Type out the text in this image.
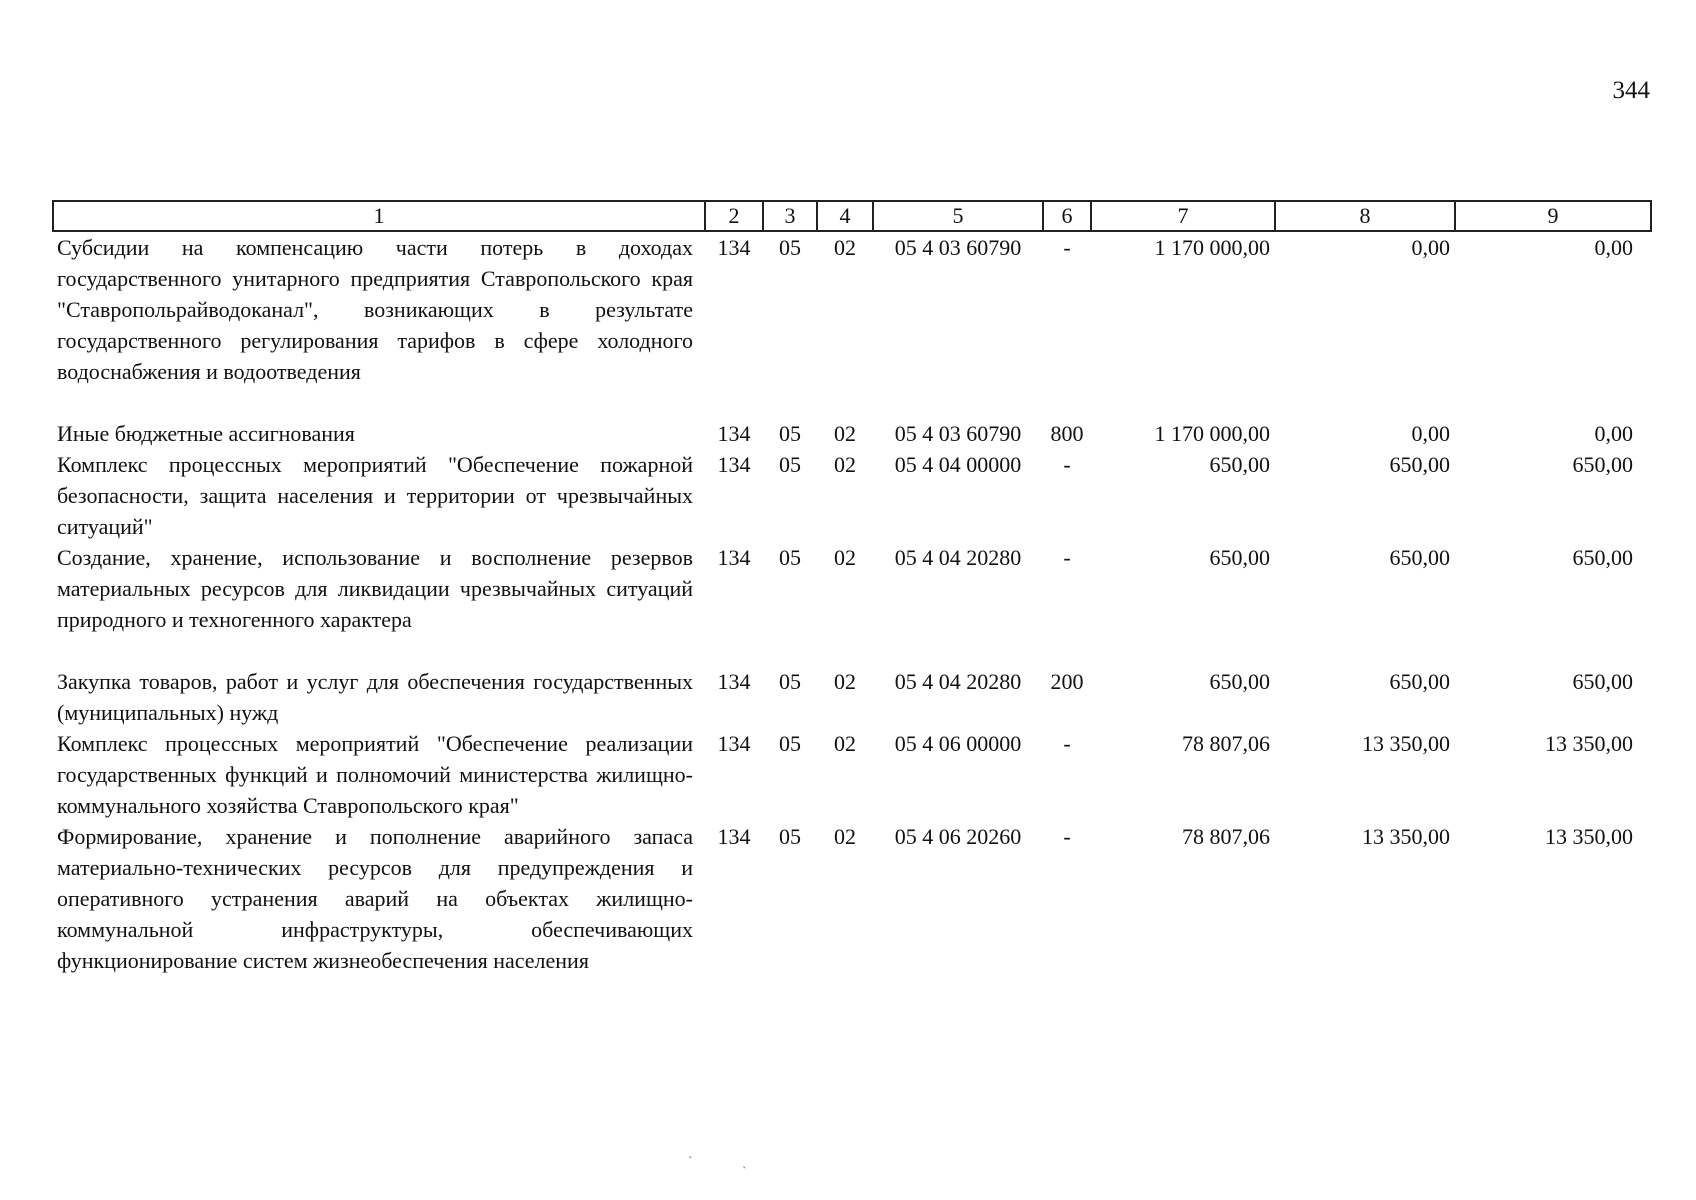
344
1	2	3	4	5	6	7	8	9
Субсидии на компенсацию части потерь в доходах государственного унитарного предприятия Ставропольского края "Ставропольрайводоканал", возникающих в результате государственного регулирования тарифов в сфере холодного водоснабжения и водоотведения	134	05	02	05 4 03 60790	-	1 170 000,00	0,00	0,00
Иные бюджетные ассигнования	134	05	02	05 4 03 60790	800	1 170 000,00	0,00	0,00
Комплекс процессных мероприятий "Обеспечение пожарной безопасности, защита населения и территории от чрезвычайных ситуаций"	134	05	02	05 4 04 00000	-	650,00	650,00	650,00
Создание, хранение, использование и восполнение резервов материальных ресурсов для ликвидации чрезвычайных ситуаций природного и техногенного характера	134	05	02	05 4 04 20280	-	650,00	650,00	650,00
Закупка товаров, работ и услуг для обеспечения государственных (муниципальных) нужд	134	05	02	05 4 04 20280	200	650,00	650,00	650,00
Комплекс процессных мероприятий "Обеспечение реализации государственных функций и полномочий министерства жилищно-коммунального хозяйства Ставропольского края"	134	05	02	05 4 06 00000	-	78 807,06	13 350,00	13 350,00
Формирование, хранение и пополнение аварийного запаса материально-технических ресурсов для предупреждения и оперативного устранения аварий на объектах жилищно-коммунальной инфраструктуры, обеспечивающих функционирование систем жизнеобеспечения населения	134	05	02	05 4 06 20260	-	78 807,06	13 350,00	13 350,00
ˋ
ˋ
